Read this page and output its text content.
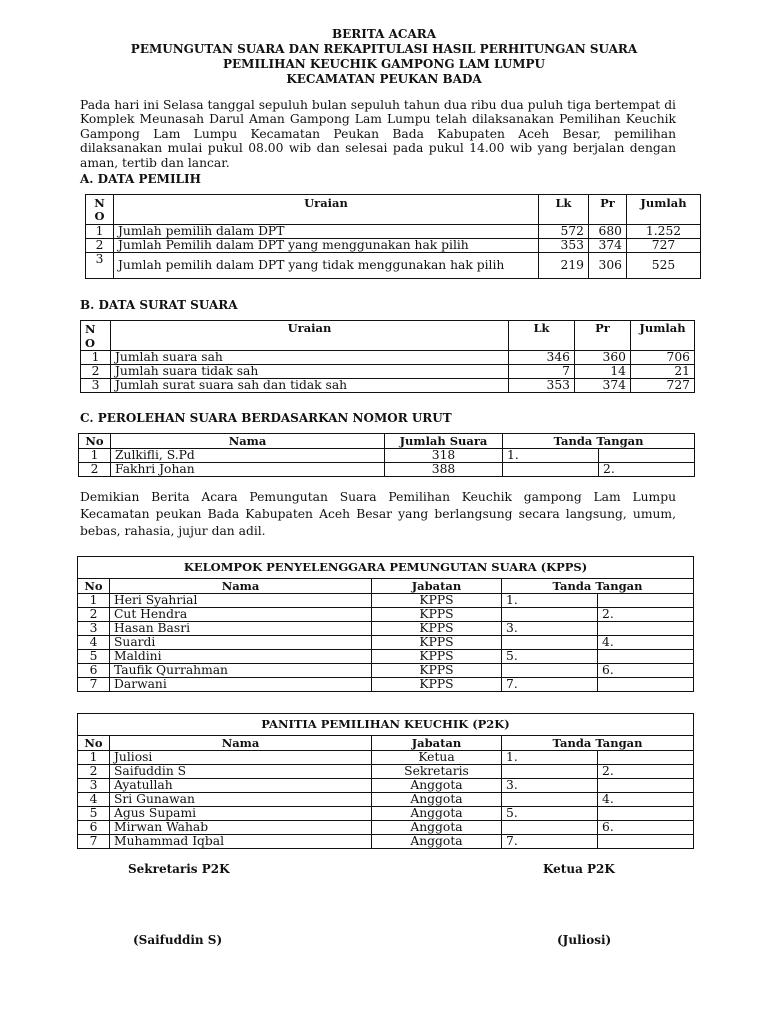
BERITA ACARA
PEMUNGUTAN SUARA DAN REKAPITULASI HASIL PERHITUNGAN SUARA
PEMILIHAN KEUCHIK GAMPONG LAM LUMPU
KECAMATAN PEUKAN BADA
Pada hari ini Selasa tanggal sepuluh bulan sepuluh tahun dua ribu dua puluh tiga bertempat di Komplek Meunasah Darul Aman Gampong Lam Lumpu telah dilaksanakan Pemilihan Keuchik Gampong Lam Lumpu Kecamatan Peukan Bada Kabupaten Aceh Besar, pemilihan dilaksanakan mulai pukul 08.00 wib dan selesai pada pukul 14.00 wib yang berjalan dengan aman, tertib dan lancar.
A. DATA PEMILIH
N O	Uraian	Lk	Pr	Jumlah
1	Jumlah pemilih dalam DPT	572	680	1.252
2	Jumlah Pemilih dalam DPT yang menggunakan hak pilih	353	374	727
3	Jumlah pemilih dalam DPT yang tidak menggunakan hak pilih	219	306	525
B. DATA SURAT SUARA
N O	Uraian	Lk	Pr	Jumlah
1	Jumlah suara sah	346	360	706
2	Jumlah suara tidak sah	7	14	21
3	Jumlah surat suara sah dan tidak sah	353	374	727
C. PEROLEHAN SUARA BERDASARKAN NOMOR URUT
No	Nama	Jumlah Suara	Tanda Tangan	
1	Zulkifli, S.Pd	318	1.	
2	Fakhri Johan	388		2.
Demikian Berita Acara Pemungutan Suara Pemilihan Keuchik gampong Lam Lumpu Kecamatan peukan Bada Kabupaten Aceh Besar yang berlangsung secara langsung, umum, bebas, rahasia, jujur dan adil.
KELOMPOK PENYELENGGARA PEMUNGUTAN SUARA (KPPS)				
No	Nama	Jabatan	Tanda Tangan	
1	Heri Syahrial	KPPS	1.	
2	Cut Hendra	KPPS		2.
3	Hasan Basri	KPPS	3.	
4	Suardi	KPPS		4.
5	Maldini	KPPS	5.	
6	Taufik Qurrahman	KPPS		6.
7	Darwani	KPPS	7.	
PANITIA PEMILIHAN KEUCHIK (P2K)				
No	Nama	Jabatan	Tanda Tangan	
1	Juliosi	Ketua	1.	
2	Saifuddin S	Sekretaris		2.
3	Ayatullah	Anggota	3.	
4	Sri Gunawan	Anggota		4.
5	Agus Supami	Anggota	5.	
6	Mirwan Wahab	Anggota		6.
7	Muhammad Iqbal	Anggota	7.	
Sekretaris P2K	Ketua P2K
(Saifuddin S)	(Juliosi)
